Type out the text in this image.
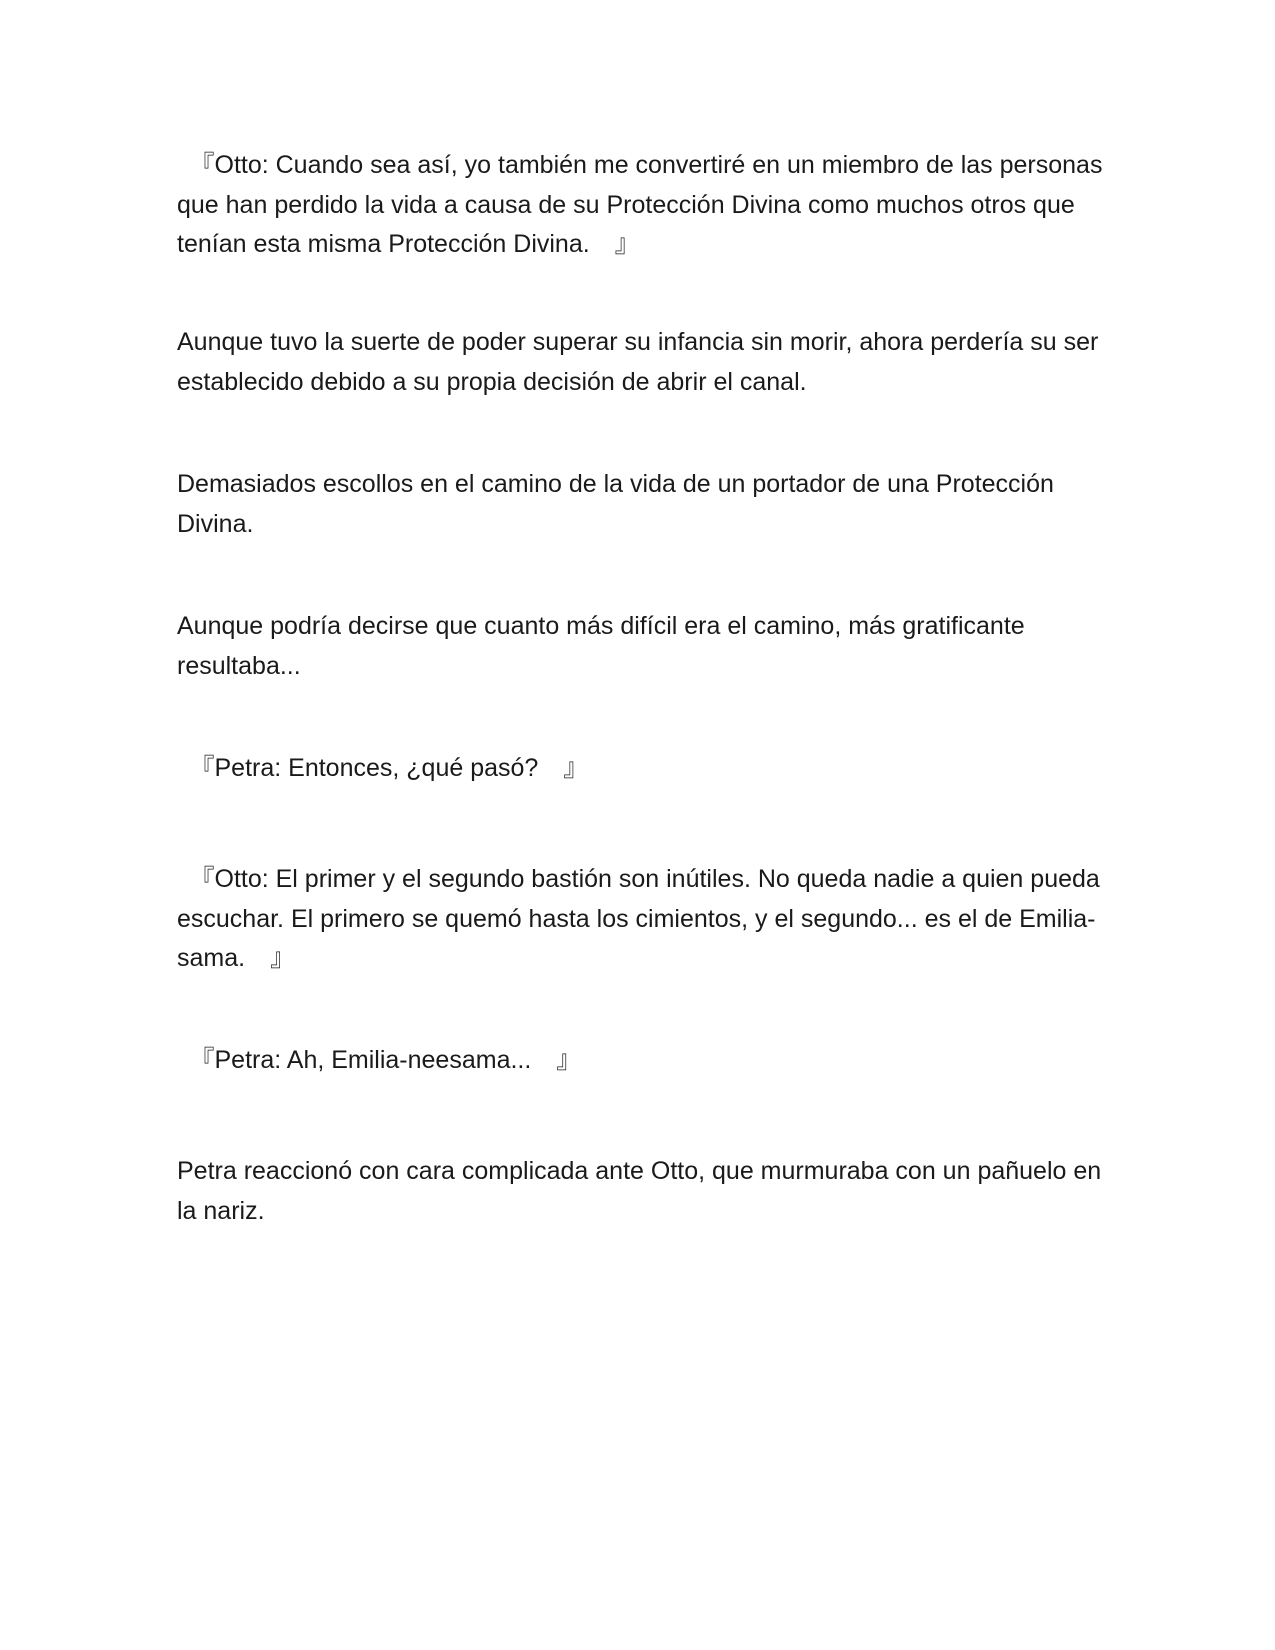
　『Otto: Cuando sea así, yo también me convertiré en un miembro de las personas que han perdido la vida a causa de su Protección Divina como muchos otros que tenían esta misma Protección Divina.　』

Aunque tuvo la suerte de poder superar su infancia sin morir, ahora perdería su ser establecido debido a su propia decisión de abrir el canal.

Demasiados escollos en el camino de la vida de un portador de una Protección Divina.

Aunque podría decirse que cuanto más difícil era el camino, más gratificante resultaba...

　『Petra: Entonces, ¿qué pasó?　』

　『Otto: El primer y el segundo bastión son inútiles. No queda nadie a quien pueda escuchar. El primero se quemó hasta los cimientos, y el segundo... es el de Emilia-sama.　』

　『Petra: Ah, Emilia-neesama...　』

Petra reaccionó con cara complicada ante Otto, que murmuraba con un pañuelo en la nariz.
